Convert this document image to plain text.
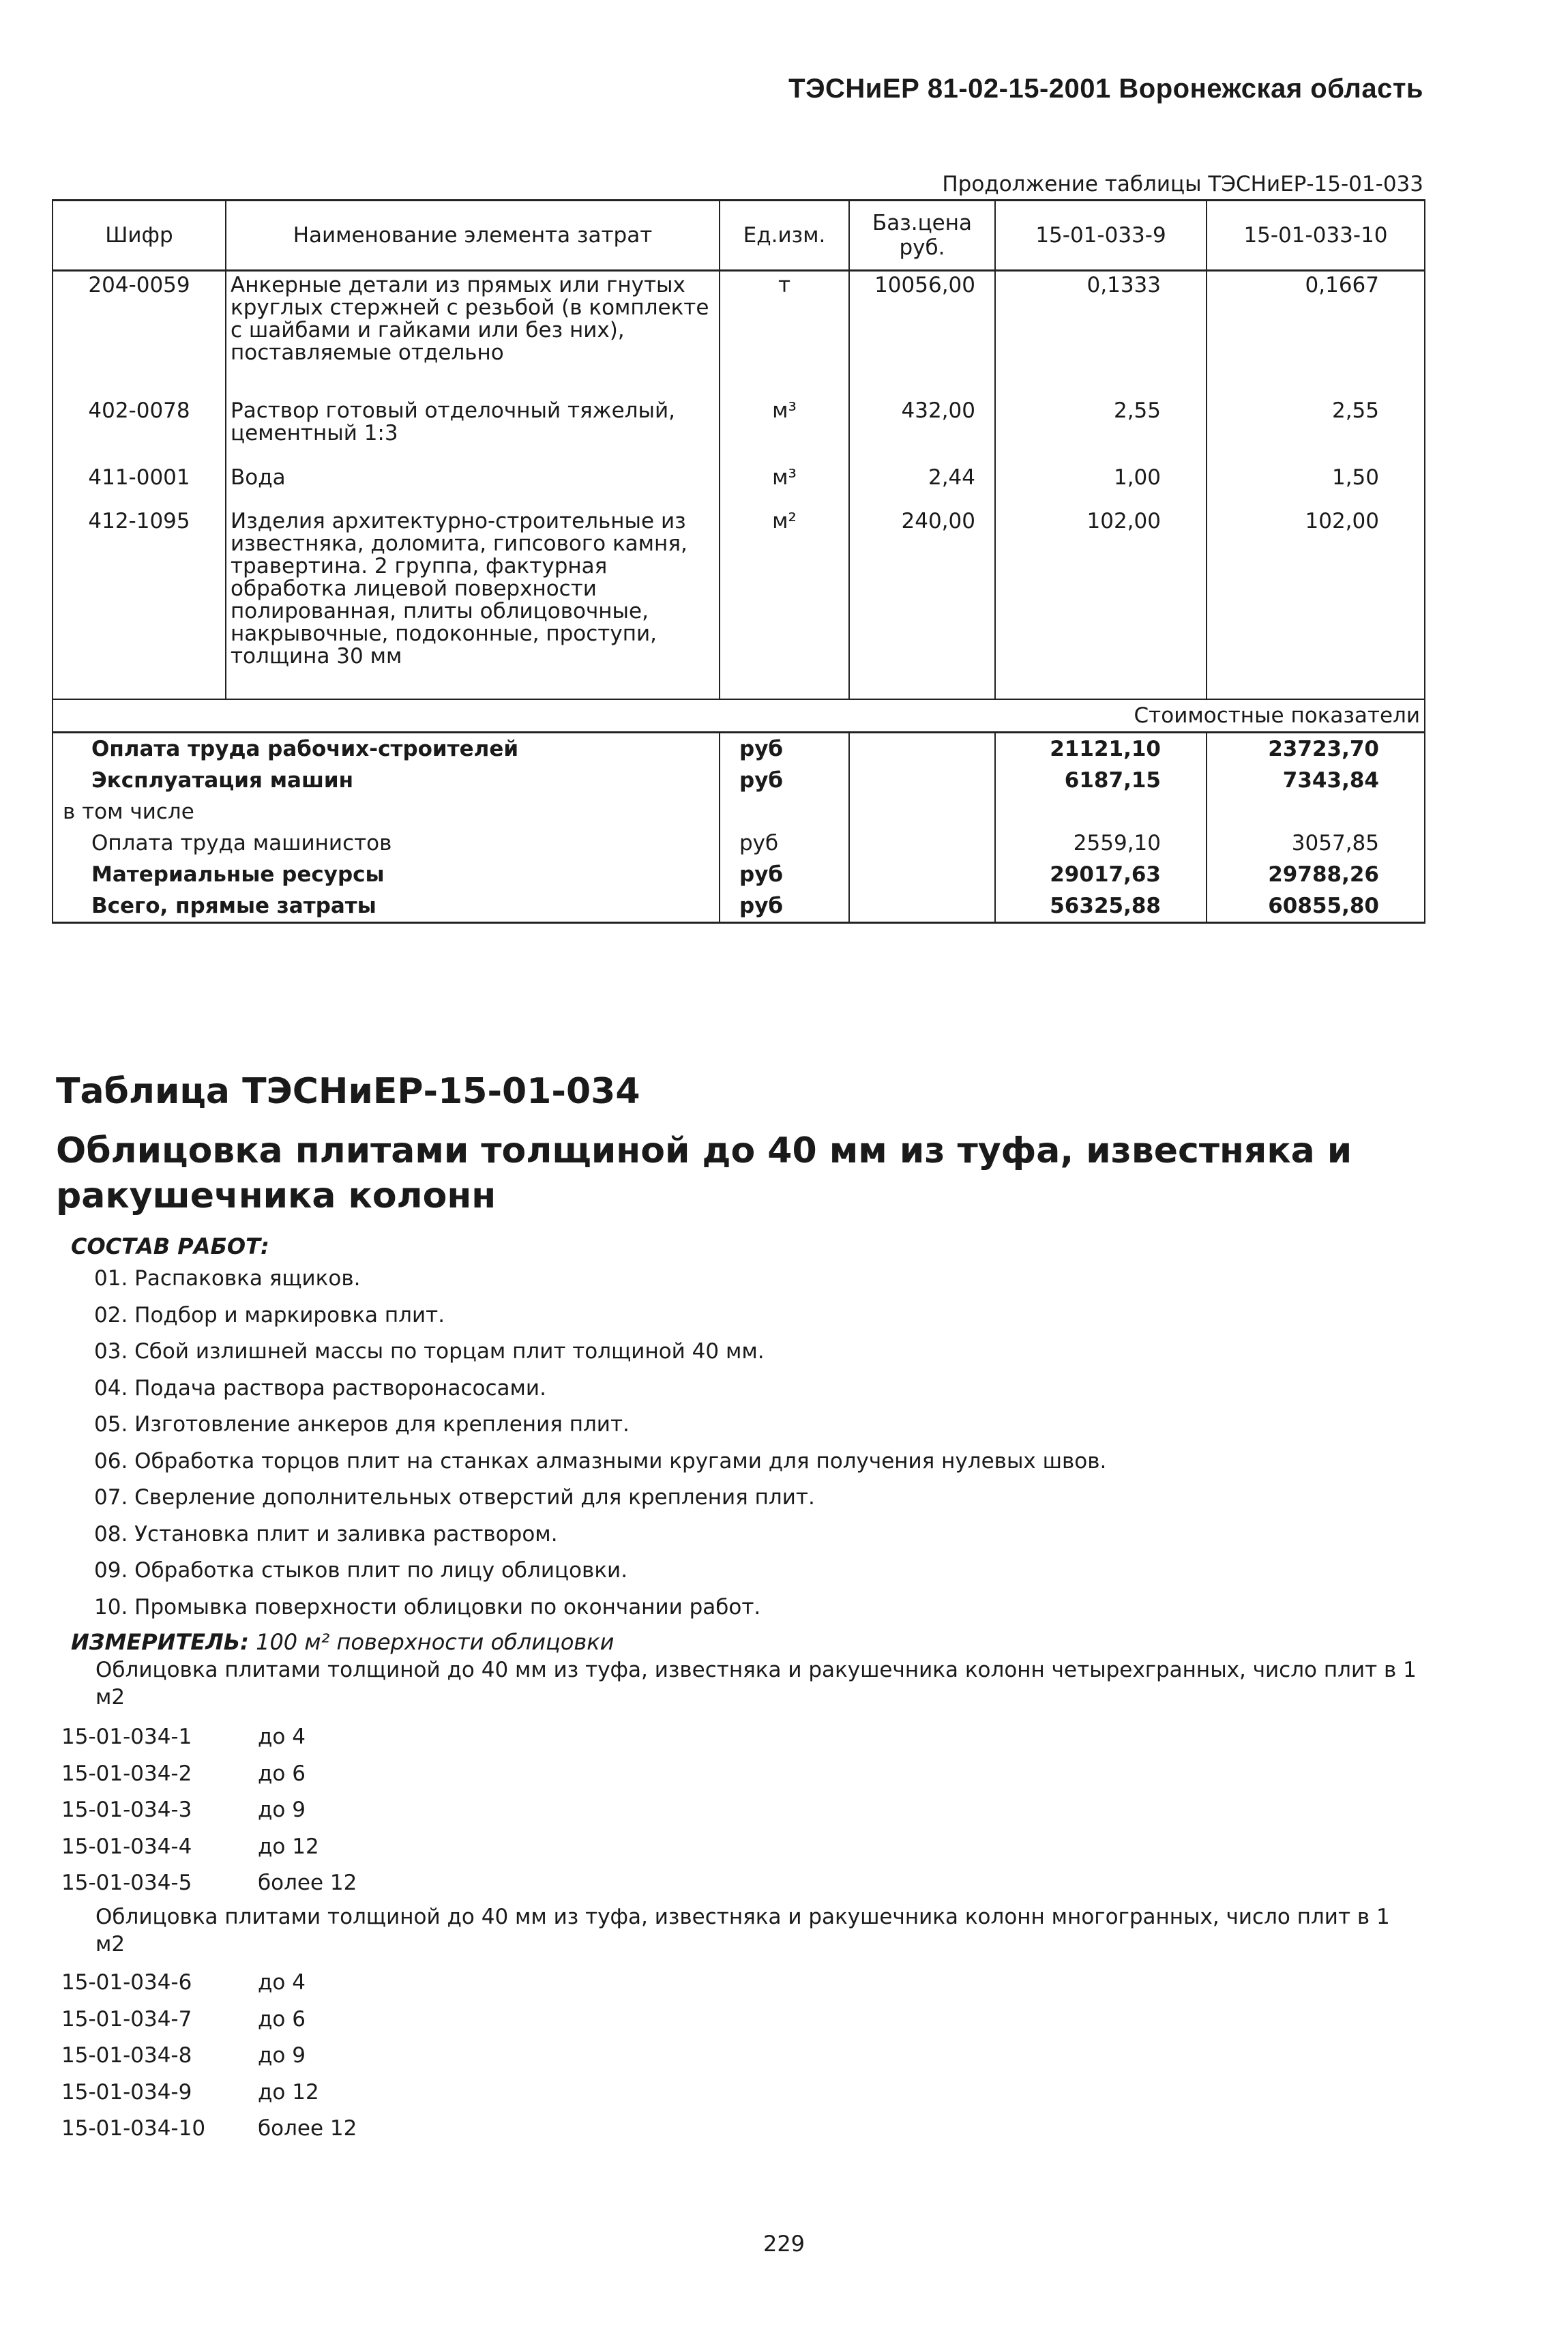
ТЭСНиЕР 81-02-15-2001 Воронежская область
Продолжение таблицы ТЭСНиЕР-15-01-033
Шифр	Наименование элемента затрат	Ед.изм.	Баз.цена руб.	15-01-033-9	15-01-033-10
204-0059	Анкерные детали из прямых или гнутых круглых стержней с резьбой (в комплекте с шайбами и гайками или без них), поставляемые отдельно	т	10056,00	0,1333	0,1667
402-0078	Раствор готовый отделочный тяжелый, цементный 1:3	м³	432,00	2,55	2,55
411-0001	Вода	м³	2,44	1,00	1,50
412-1095	Изделия архитектурно-строительные из известняка, доломита, гипсового камня, травертина. 2 группа, фактурная обработка лицевой поверхности полированная, плиты облицовочные, накрывочные, подоконные, проступи, толщина 30 мм	м²	240,00	102,00	102,00
Стоимостные показатели					
Оплата труда рабочих-строителей		руб		21121,10	23723,70
Эксплуатация машин		руб		6187,15	7343,84
в том числе					
Оплата труда машинистов		руб		2559,10	3057,85
Материальные ресурсы		руб		29017,63	29788,26
Всего, прямые затраты		руб		56325,88	60855,80
Таблица ТЭСНиЕР-15-01-034
Облицовка плитами толщиной до 40 мм из туфа, известняка и ракушечника колонн
СОСТАВ РАБОТ:
01. Распаковка ящиков.
02. Подбор и маркировка плит.
03. Сбой излишней массы по торцам плит толщиной 40 мм.
04. Подача раствора растворонасосами.
05. Изготовление анкеров для крепления плит.
06. Обработка торцов плит на станках алмазными кругами для получения нулевых швов.
07. Сверление дополнительных отверстий для крепления плит.
08. Установка плит и заливка раствором.
09. Обработка стыков плит по лицу облицовки.
10. Промывка поверхности облицовки по окончании работ.
ИЗМЕРИТЕЛЬ: 100 м² поверхности облицовки
Облицовка плитами толщиной до 40 мм из туфа, известняка и ракушечника колонн четырехгранных, число плит в 1 м2
15-01-034-1	до 4
15-01-034-2	до 6
15-01-034-3	до 9
15-01-034-4	до 12
15-01-034-5	более 12
Облицовка плитами толщиной до 40 мм из туфа, известняка и ракушечника колонн многогранных, число плит в 1 м2
15-01-034-6	до 4
15-01-034-7	до 6
15-01-034-8	до 9
15-01-034-9	до 12
15-01-034-10	более 12
229
